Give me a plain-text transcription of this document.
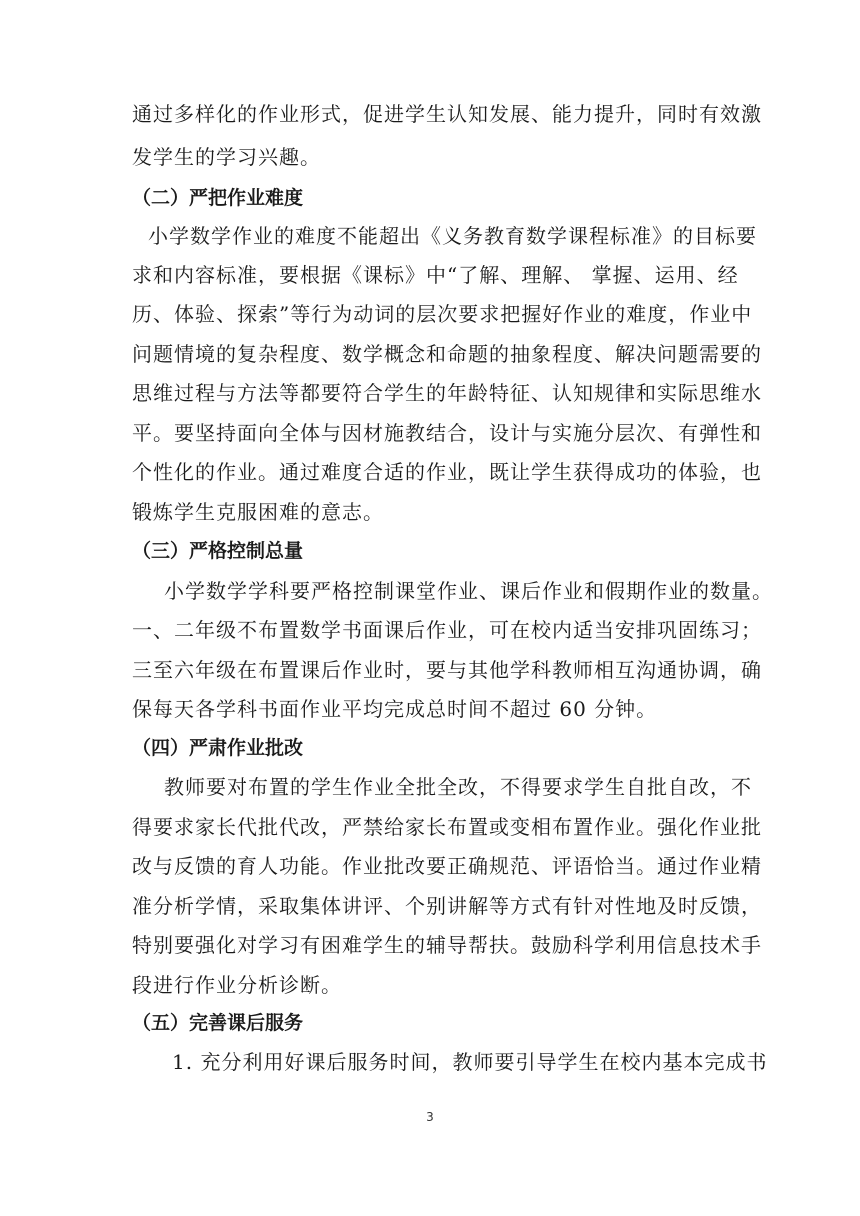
通过多样化的作业形式，促进学生认知发展、能力提升，同时有效激
发学生的学习兴趣。
（二）严把作业难度
小学数学作业的难度不能超出《义务教育数学课程标准》的目标要
求和内容标准，要根据《课标》中“了解、理解、 掌握、运用、经
历、体验、探索”等行为动词的层次要求把握好作业的难度，作业中
问题情境的复杂程度、数学概念和命题的抽象程度、解决问题需要的
思维过程与方法等都要符合学生的年龄特征、认知规律和实际思维水
平。要坚持面向全体与因材施教结合，设计与实施分层次、有弹性和
个性化的作业。通过难度合适的作业，既让学生获得成功的体验，也
锻炼学生克服困难的意志。
（三）严格控制总量
小学数学学科要严格控制课堂作业、课后作业和假期作业的数量。
一、二年级不布置数学书面课后作业，可在校内适当安排巩固练习；
三至六年级在布置课后作业时，要与其他学科教师相互沟通协调，确
保每天各学科书面作业平均完成总时间不超过 60 分钟。
（四）严肃作业批改
教师要对布置的学生作业全批全改，不得要求学生自批自改，不
得要求家长代批代改，严禁给家长布置或变相布置作业。强化作业批
改与反馈的育人功能。作业批改要正确规范、评语恰当。通过作业精
准分析学情，采取集体讲评、个别讲解等方式有针对性地及时反馈，
特别要强化对学习有困难学生的辅导帮扶。鼓励科学利用信息技术手
段进行作业分析诊断。
（五）完善课后服务
1. 充分利用好课后服务时间，教师要引导学生在校内基本完成书
3
